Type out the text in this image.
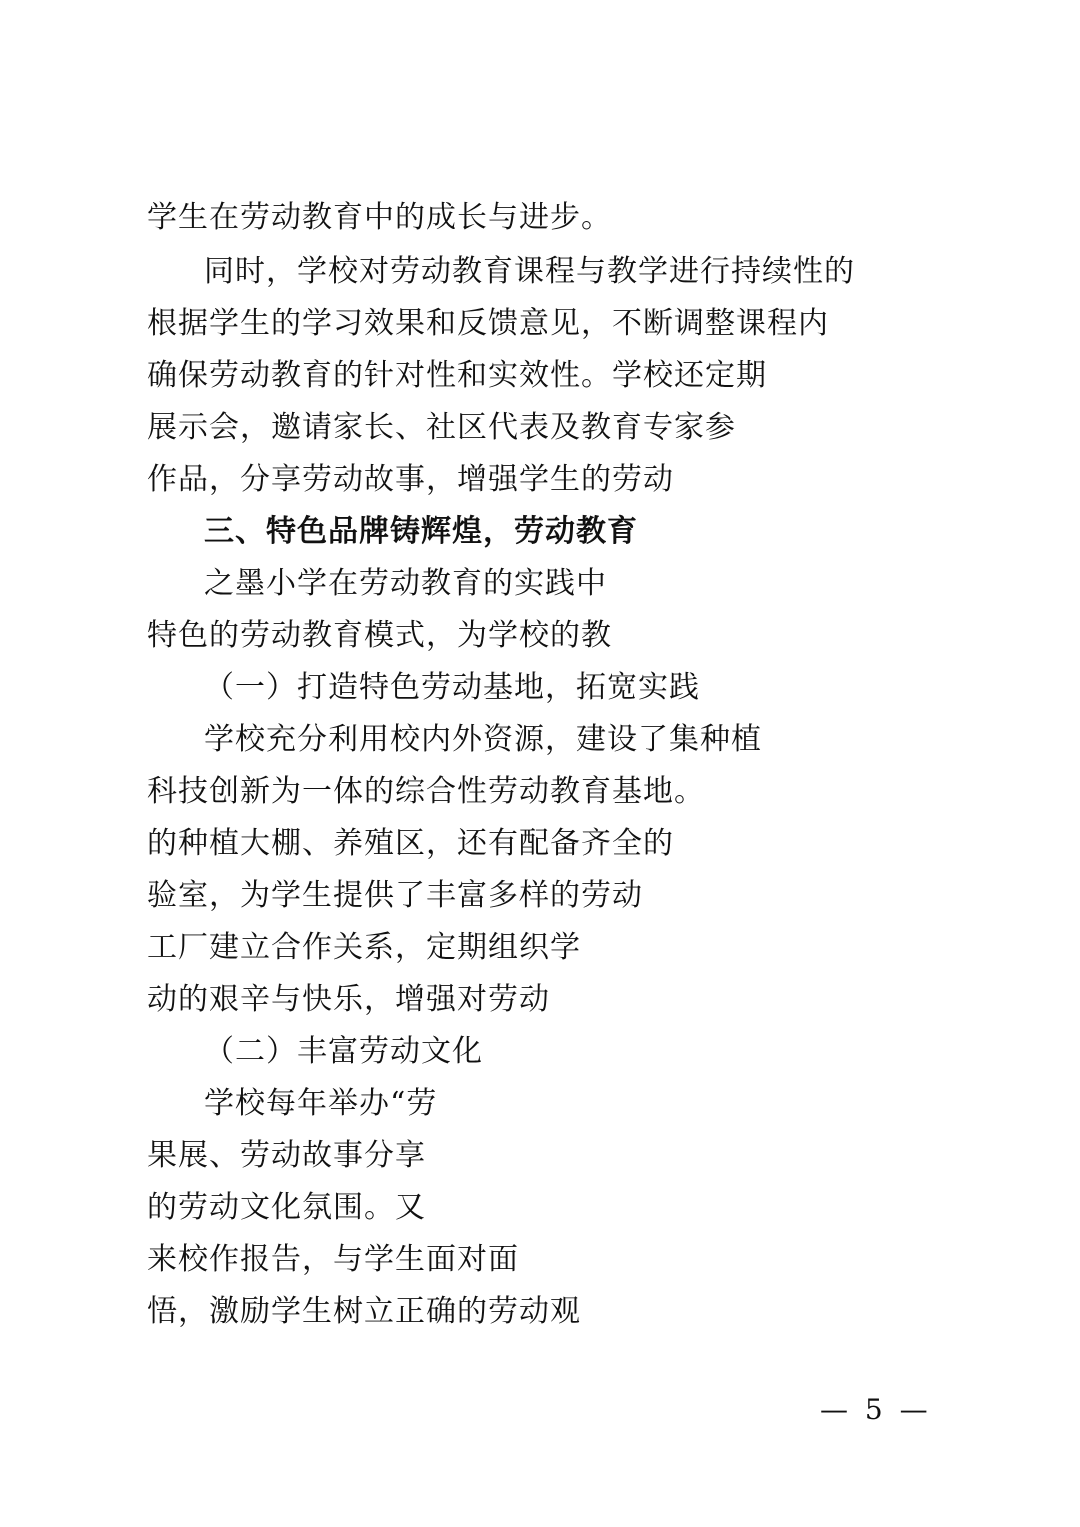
学生在劳动教育中的成长与进步。
同时，学校对劳动教育课程与教学进行持续性的
根据学生的学习效果和反馈意见，不断调整课程内
确保劳动教育的针对性和实效性。学校还定期
展示会，邀请家长、社区代表及教育专家参
作品，分享劳动故事，增强学生的劳动
三、特色品牌铸辉煌，劳动教育
之墨小学在劳动教育的实践中
特色的劳动教育模式，为学校的教
（一）打造特色劳动基地，拓宽实践
学校充分利用校内外资源，建设了集种植
科技创新为一体的综合性劳动教育基地。
的种植大棚、养殖区，还有配备齐全的
验室，为学生提供了丰富多样的劳动
工厂建立合作关系，定期组织学
动的艰辛与快乐，增强对劳动
（二）丰富劳动文化
学校每年举办“劳
果展、劳动故事分享
的劳动文化氛围。又
来校作报告，与学生面对面
悟，激励学生树立正确的劳动观
— 5 —
